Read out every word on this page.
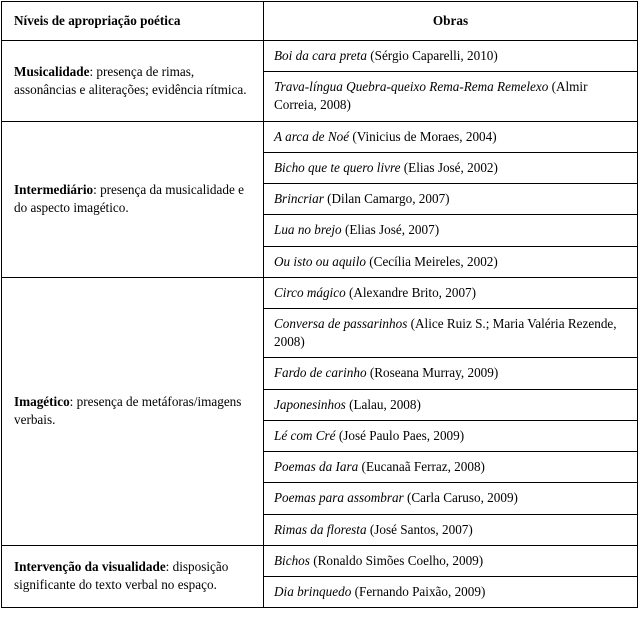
Níveis de apropriação poética	Obras
Musicalidade: presença de rimas, assonâncias e aliterações; evidência rítmica.	Boi da cara preta (Sérgio Caparelli, 2010)
	Trava-língua Quebra-queixo Rema-Rema Remelexo (Almir Correia, 2008)
Intermediário: presença da musicalidade e do aspecto imagético.	A arca de Noé (Vinicius de Moraes, 2004)
	Bicho que te quero livre (Elias José, 2002)
	Brincriar (Dilan Camargo, 2007)
	Lua no brejo (Elias José, 2007)
	Ou isto ou aquilo (Cecília Meireles, 2002)
Imagético: presença de metáforas/imagens verbais.	Circo mágico (Alexandre Brito, 2007)
	Conversa de passarinhos (Alice Ruiz S.; Maria Valéria Rezende, 2008)
	Fardo de carinho (Roseana Murray, 2009)
	Japonesinhos (Lalau, 2008)
	Lé com Cré (José Paulo Paes, 2009)
	Poemas da Iara (Eucanaã Ferraz, 2008)
	Poemas para assombrar (Carla Caruso, 2009)
	Rimas da floresta (José Santos, 2007)
Intervenção da visualidade: disposição significante do texto verbal no espaço.	Bichos (Ronaldo Simões Coelho, 2009)
	Dia brinquedo (Fernando Paixão, 2009)
